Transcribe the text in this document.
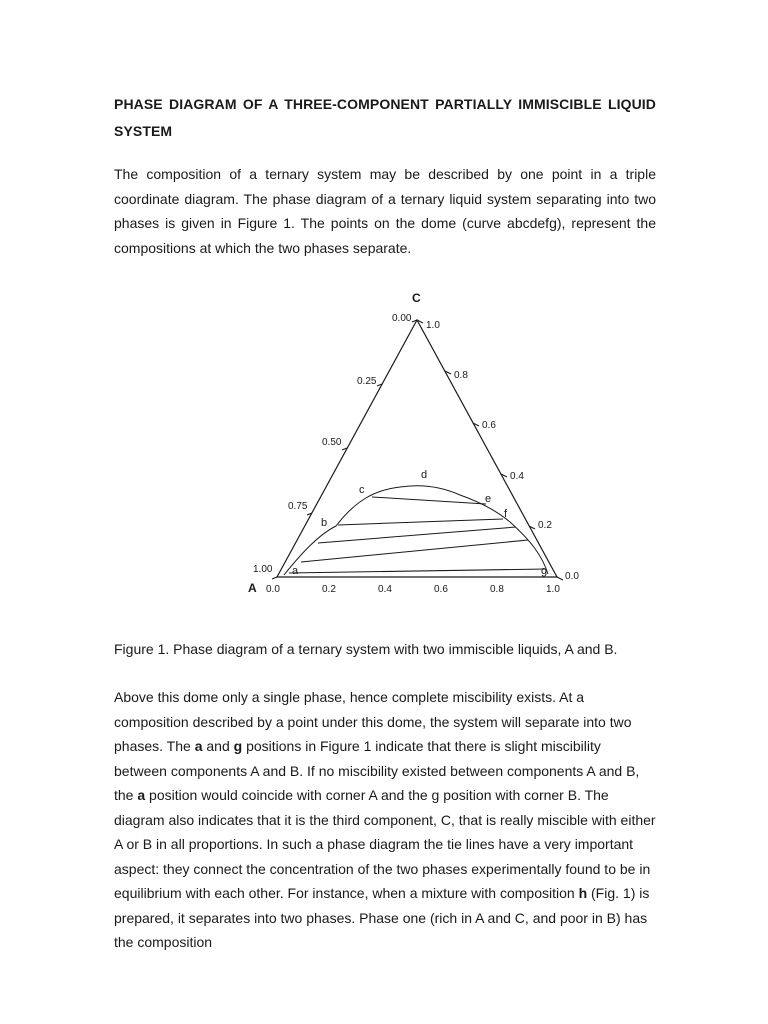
PHASE DIAGRAM OF A THREE-COMPONENT PARTIALLY IMMISCIBLE LIQUID SYSTEM

The composition of a ternary system may be described by one point in a triple coordinate diagram. The phase diagram of a ternary liquid system separating into two phases is given in Figure 1. The points on the dome (curve abcdefg), represent the compositions at which the two phases separate.

C
A
0.00
0.25
0.50
0.75
1.00
1.0
0.8
0.6
0.4
0.2
0.0
0.0	0.2	0.4	0.6	0.8	1.0
a
b
c
d
e
f
g
Figure 1. Phase diagram of a ternary system with two immiscible liquids, A and B.

Above this dome only a single phase, hence complete miscibility exists. At a composition described by a point under this dome, the system will separate into two phases. The a and g positions in Figure 1 indicate that there is slight miscibility between components A and B. If no miscibility existed between components A and B, the a position would coincide with corner A and the g position with corner B. The diagram also indicates that it is the third component, C, that is really miscible with either A or B in all proportions. In such a phase diagram the tie lines have a very important aspect: they connect the concentration of the two phases experimentally found to be in equilibrium with each other. For instance, when a mixture with composition h (Fig. 1) is prepared, it separates into two phases. Phase one (rich in A and C, and poor in B) has the composition
